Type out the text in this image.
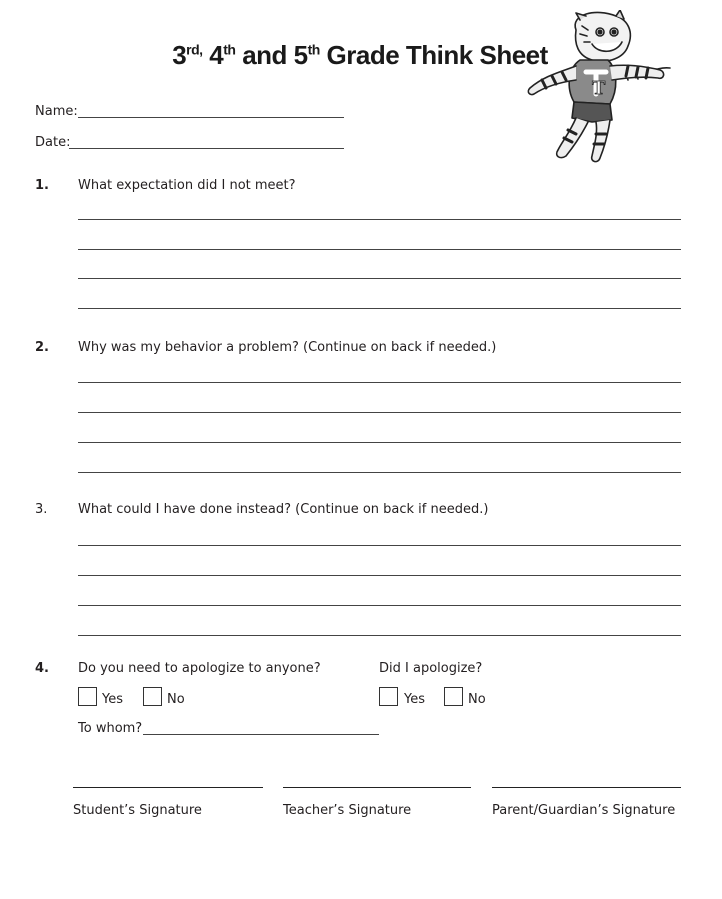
$3^{rd,}$ 4th and 5th Grade Think Sheet
T
Name:
Date:
1. What expectation did I not meet?
2. Why was my behavior a problem? (Continue on back if needed.)
3. What could I have done instead? (Continue on back if needed.)
4. Do you need to apologize to anyone?	Did I apologize?
Yes	No	Yes	No
To whom?
Student’s Signature	Teacher’s Signature	Parent/Guardian’s Signature
